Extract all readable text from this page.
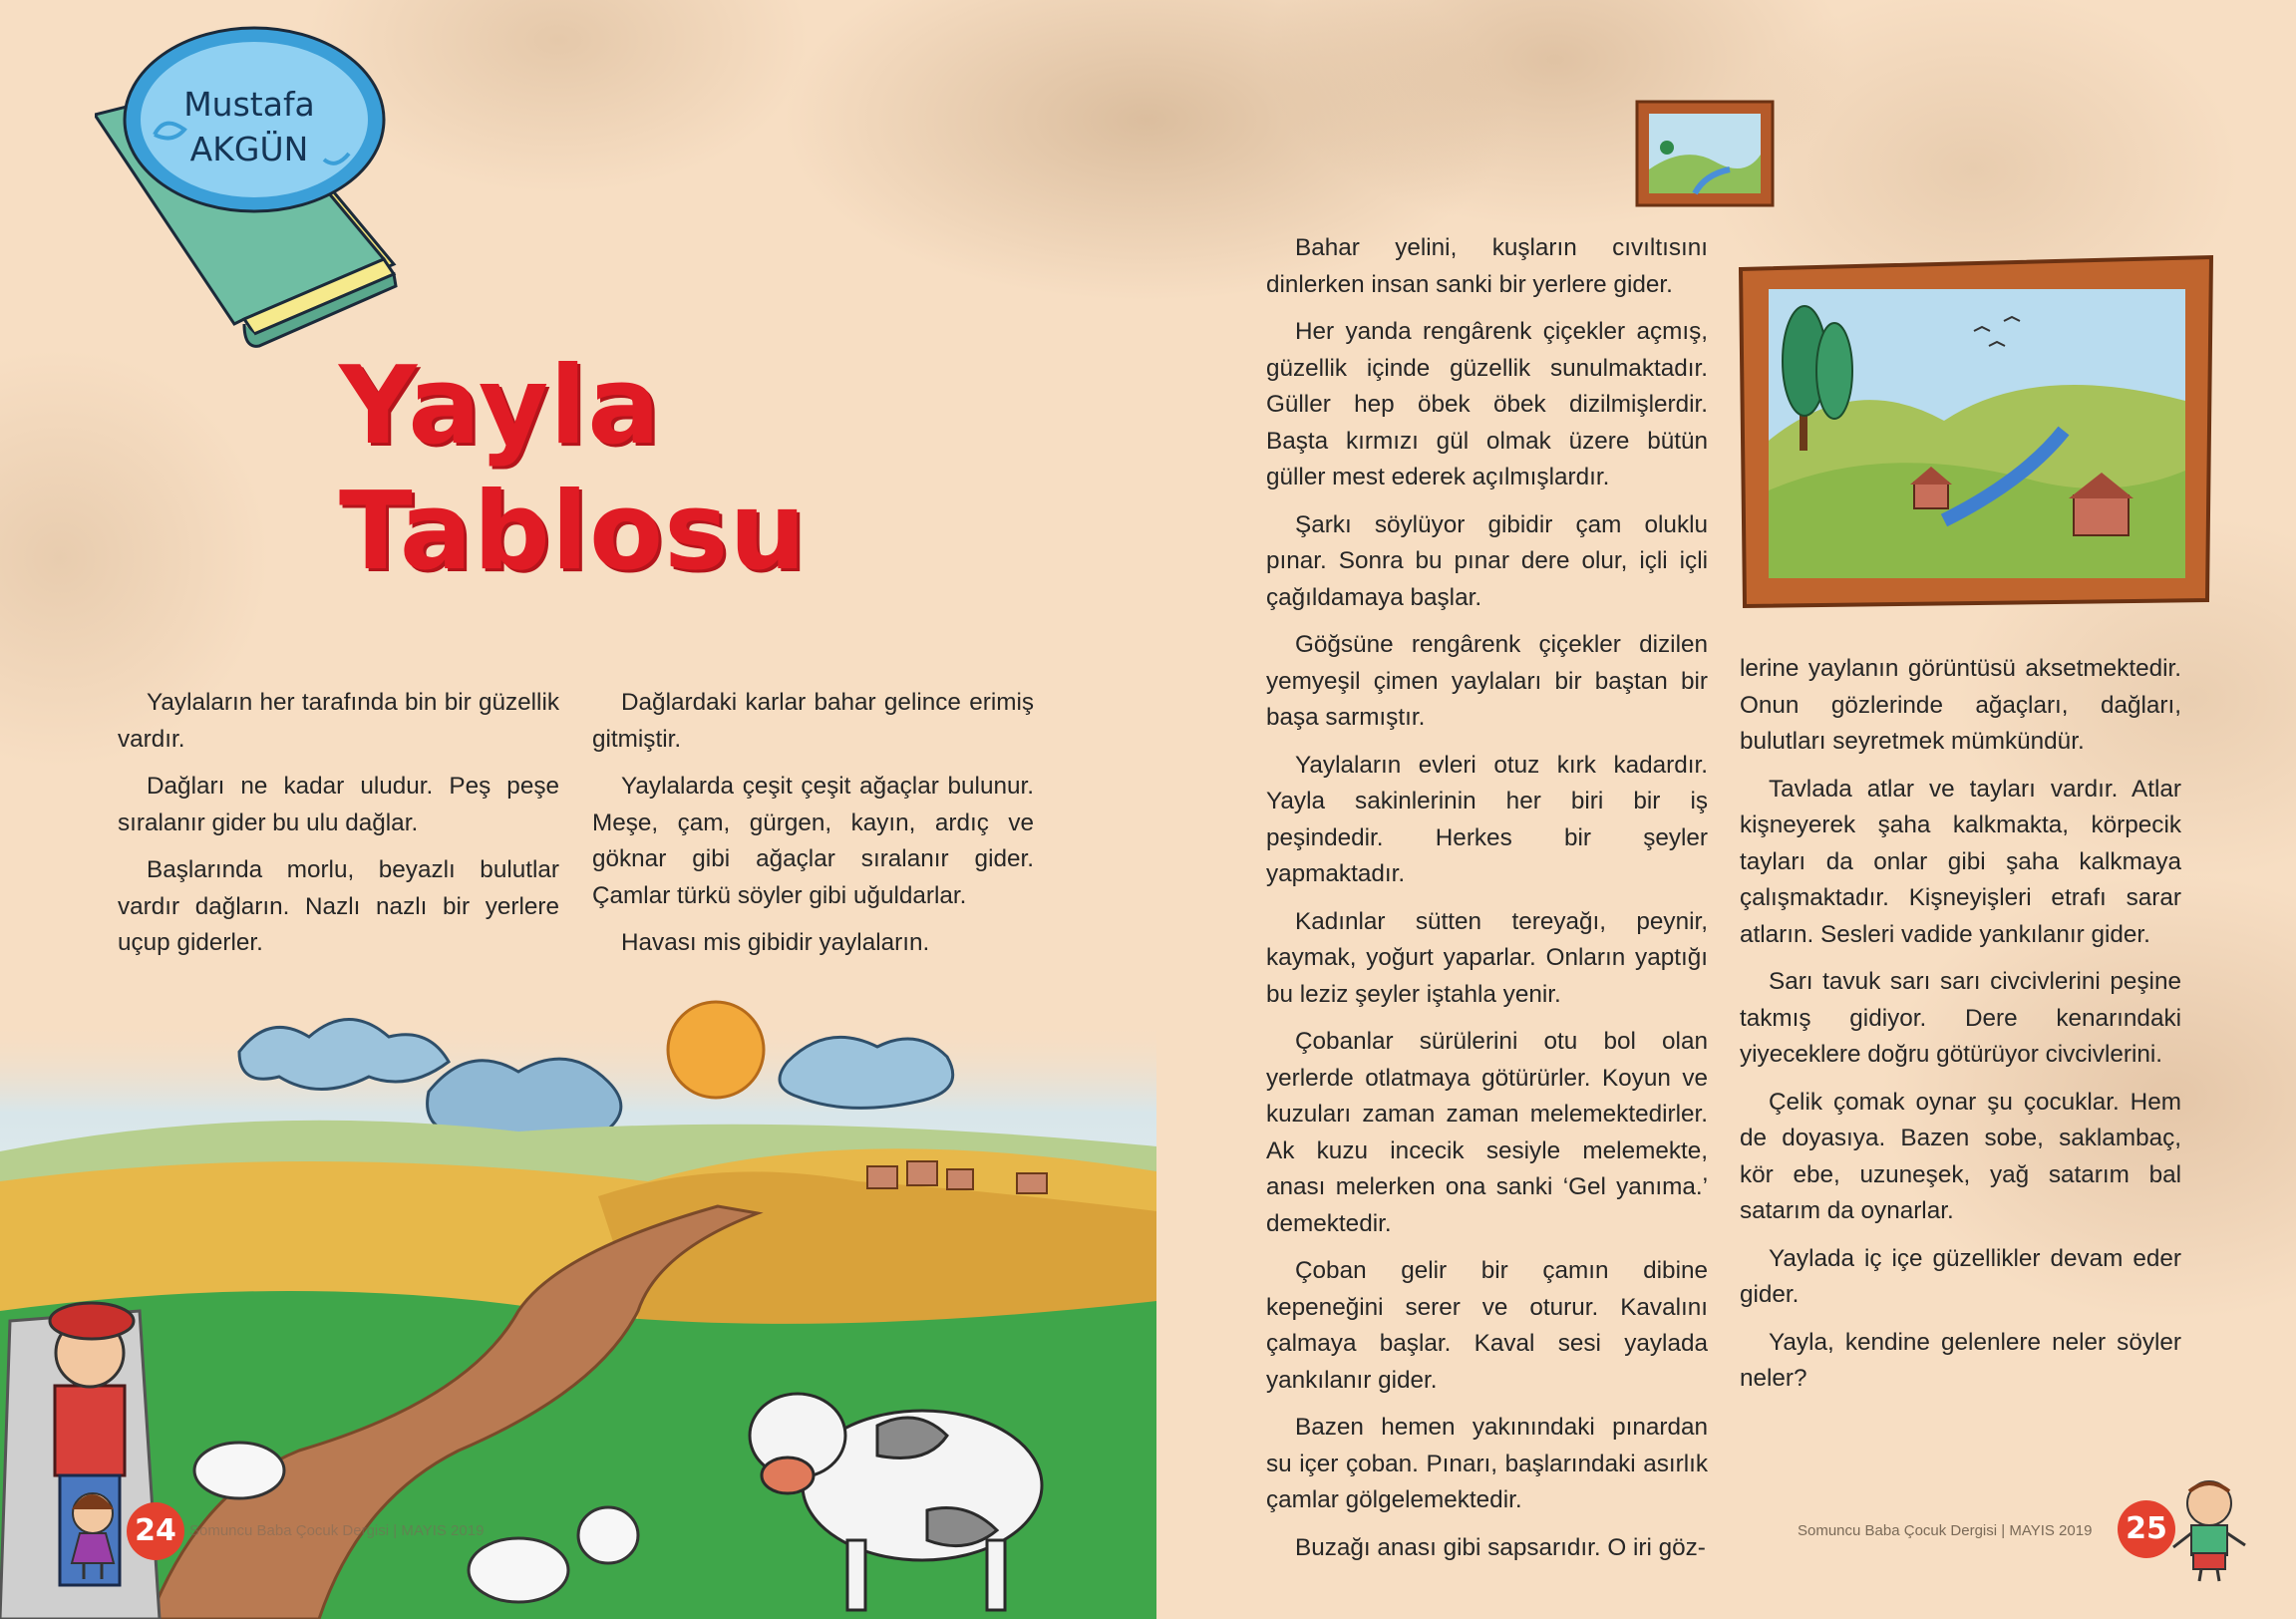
Mustafa
AKGÜN
Yayla
Tablosu

Yaylaların her tarafında bin bir güzellik vardır.

Dağları ne kadar uludur. Peş peşe sıralanır gider bu ulu dağlar.

Başlarında morlu, beyazlı bulutlar vardır dağların. Nazlı nazlı bir yerlere uçup giderler.

Dağlardaki karlar bahar gelince erimiş gitmiştir.

Yaylalarda çeşit çeşit ağaçlar bulunur. Meşe, çam, gürgen, kayın, ardıç ve göknar gibi ağaçlar sıralanır gider. Çamlar türkü söyler gibi uğuldarlar.

Havası mis gibidir yaylaların.

Bahar yelini, kuşların cıvıltısını dinlerken insan sanki bir yerlere gider.

Her yanda rengârenk çiçekler açmış, güzellik içinde güzellik sunulmaktadır. Güller hep öbek öbek dizilmişlerdir. Başta kırmızı gül olmak üzere bütün güller mest ederek açılmışlardır.

Şarkı söylüyor gibidir çam oluklu pınar. Sonra bu pınar dere olur, içli içli çağıldamaya başlar.

Göğsüne rengârenk çiçekler dizilen yemyeşil çimen yaylaları bir baştan bir başa sarmıştır.

Yaylaların evleri otuz kırk kadardır. Yayla sakinlerinin her biri bir iş peşindedir. Herkes bir şeyler yapmaktadır.

Kadınlar sütten tereyağı, peynir, kaymak, yoğurt yaparlar. Onların yaptığı bu leziz şeyler iştahla yenir.

Çobanlar sürülerini otu bol olan yerlerde otlatmaya götürürler. Koyun ve kuzuları zaman zaman melemektedirler. Ak kuzu incecik sesiyle melemekte, anası melerken ona sanki ‘Gel yanıma.’ demektedir.

Çoban gelir bir çamın dibine kepeneğini serer ve oturur. Kavalını çalmaya başlar. Kaval sesi yaylada yankılanır gider.

Bazen hemen yakınındaki pınardan su içer çoban. Pınarı, başlarındaki asırlık çamlar gölgelemektedir.

Buzağı anası gibi sapsarıdır. O iri göz-

lerine yaylanın görüntüsü aksetmektedir. Onun gözlerinde ağaçları, dağları, bulutları seyretmek mümkündür.

Tavlada atlar ve tayları vardır. Atlar kişneyerek şaha kalkmakta, körpecik tayları da onlar gibi şaha kalkmaya çalışmaktadır. Kişneyişleri etrafı sarar atların. Sesleri vadide yankılanır gider.

Sarı tavuk sarı sarı civcivlerini peşine takmış gidiyor. Dere kenarındaki yiyeceklere doğru götürüyor civcivlerini.

Çelik çomak oynar şu çocuklar. Hem de doyasıya. Bazen sobe, saklambaç, kör ebe, uzuneşek, yağ satarım bal satarım da oynarlar.

Yaylada iç içe güzellikler devam eder gider.

Yayla, kendine gelenlere neler söyler neler?

24 Somuncu Baba Çocuk Dergisi | MAYIS 2019	Somuncu Baba Çocuk Dergisi | MAYIS 2019 25
